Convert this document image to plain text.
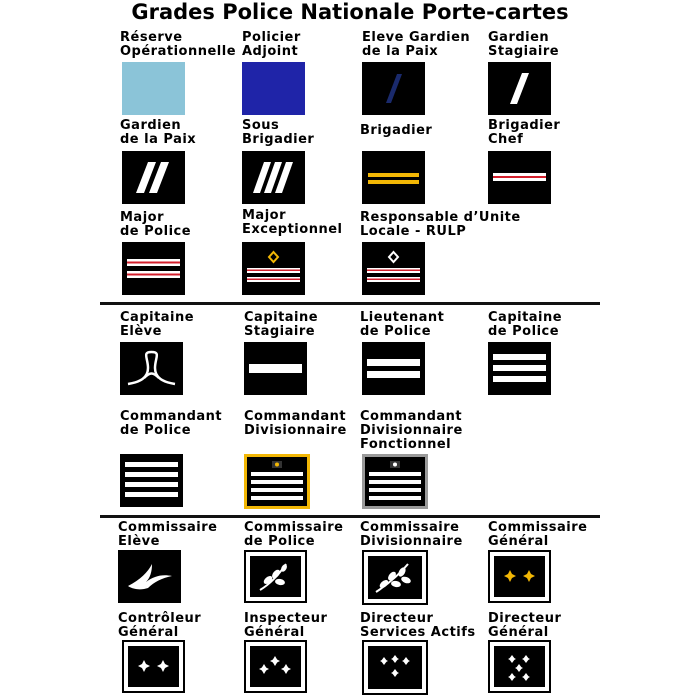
Grades Police Nationale Porte-cartes
Réserve
Opérationnelle
Policier
Adjoint
Eleve Gardien
de la Paix
Gardien
Stagiaire
Gardien
de la Paix
Sous
Brigadier
Brigadier	Brigadier
Chef
Major
de Police
Major
Exceptionnel
Responsable d’Unite
Locale - RULP
Capitaine
Elève
Capitaine
Stagiaire
Lieutenant
de Police
Capitaine
de Police
Commandant
de Police
Commandant
Divisionnaire
Commandant
Divisionnaire
Fonctionnel
Commissaire
Elève
Commissaire
de Police
Commissaire
Divisionnaire
Commissaire
Général
Contrôleur
Général
Inspecteur
Général
Directeur
Services Actifs
Directeur
Général
